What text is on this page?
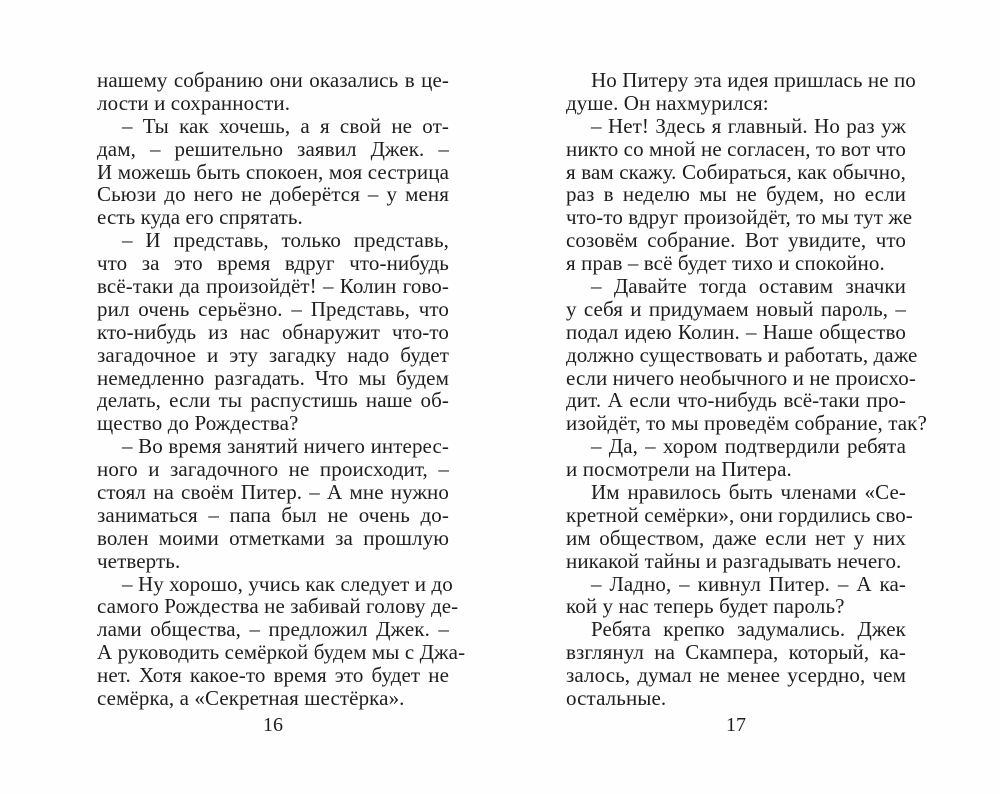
нашему собранию они оказались в це-
лости и сохранности.
– Ты как хочешь, а я свой не от-
дам, – решительно заявил Джек. –
И можешь быть спокоен, моя сестрица
Сьюзи до него не доберётся – у меня
есть куда его спрятать.
– И представь, только представь,
что за это время вдруг что-нибудь
всё-таки да произойдёт! – Колин гово-
рил очень серьёзно. – Представь, что
кто-нибудь из нас обнаружит что-то
загадочное и эту загадку надо будет
немедленно разгадать. Что мы будем
делать, если ты распустишь наше об-
щество до Рождества?
– Во время занятий ничего интерес-
ного и загадочного не происходит, –
стоял на своём Питер. – А мне нужно
заниматься – папа был не очень до-
волен моими отметками за прошлую
четверть.
– Ну хорошо, учись как следует и до
самого Рождества не забивай голову де-
лами общества, – предложил Джек. –
А руководить семёркой будем мы с Джа-
нет. Хотя какое-то время это будет не
семёрка, а «Секретная шестёрка».
Но Питеру эта идея пришлась не по
душе. Он нахмурился:
– Нет! Здесь я главный. Но раз уж
никто со мной не согласен, то вот что
я вам скажу. Собираться, как обычно,
раз в неделю мы не будем, но если
что-то вдруг произойдёт, то мы тут же
созовём собрание. Вот увидите, что
я прав – всё будет тихо и спокойно.
– Давайте тогда оставим значки
у себя и придумаем новый пароль, –
подал идею Колин. – Наше общество
должно существовать и работать, даже
если ничего необычного и не происхо-
дит. А если что-нибудь всё-таки про-
изойдёт, то мы проведём собрание, так?
– Да, – хором подтвердили ребята
и посмотрели на Питера.
Им нравилось быть членами «Се-
кретной семёрки», они гордились сво-
им обществом, даже если нет у них
никакой тайны и разгадывать нечего.
– Ладно, – кивнул Питер. – А ка-
кой у нас теперь будет пароль?
Ребята крепко задумались. Джек
взглянул на Скампера, который, ка-
залось, думал не менее усердно, чем
остальные.
16	17
